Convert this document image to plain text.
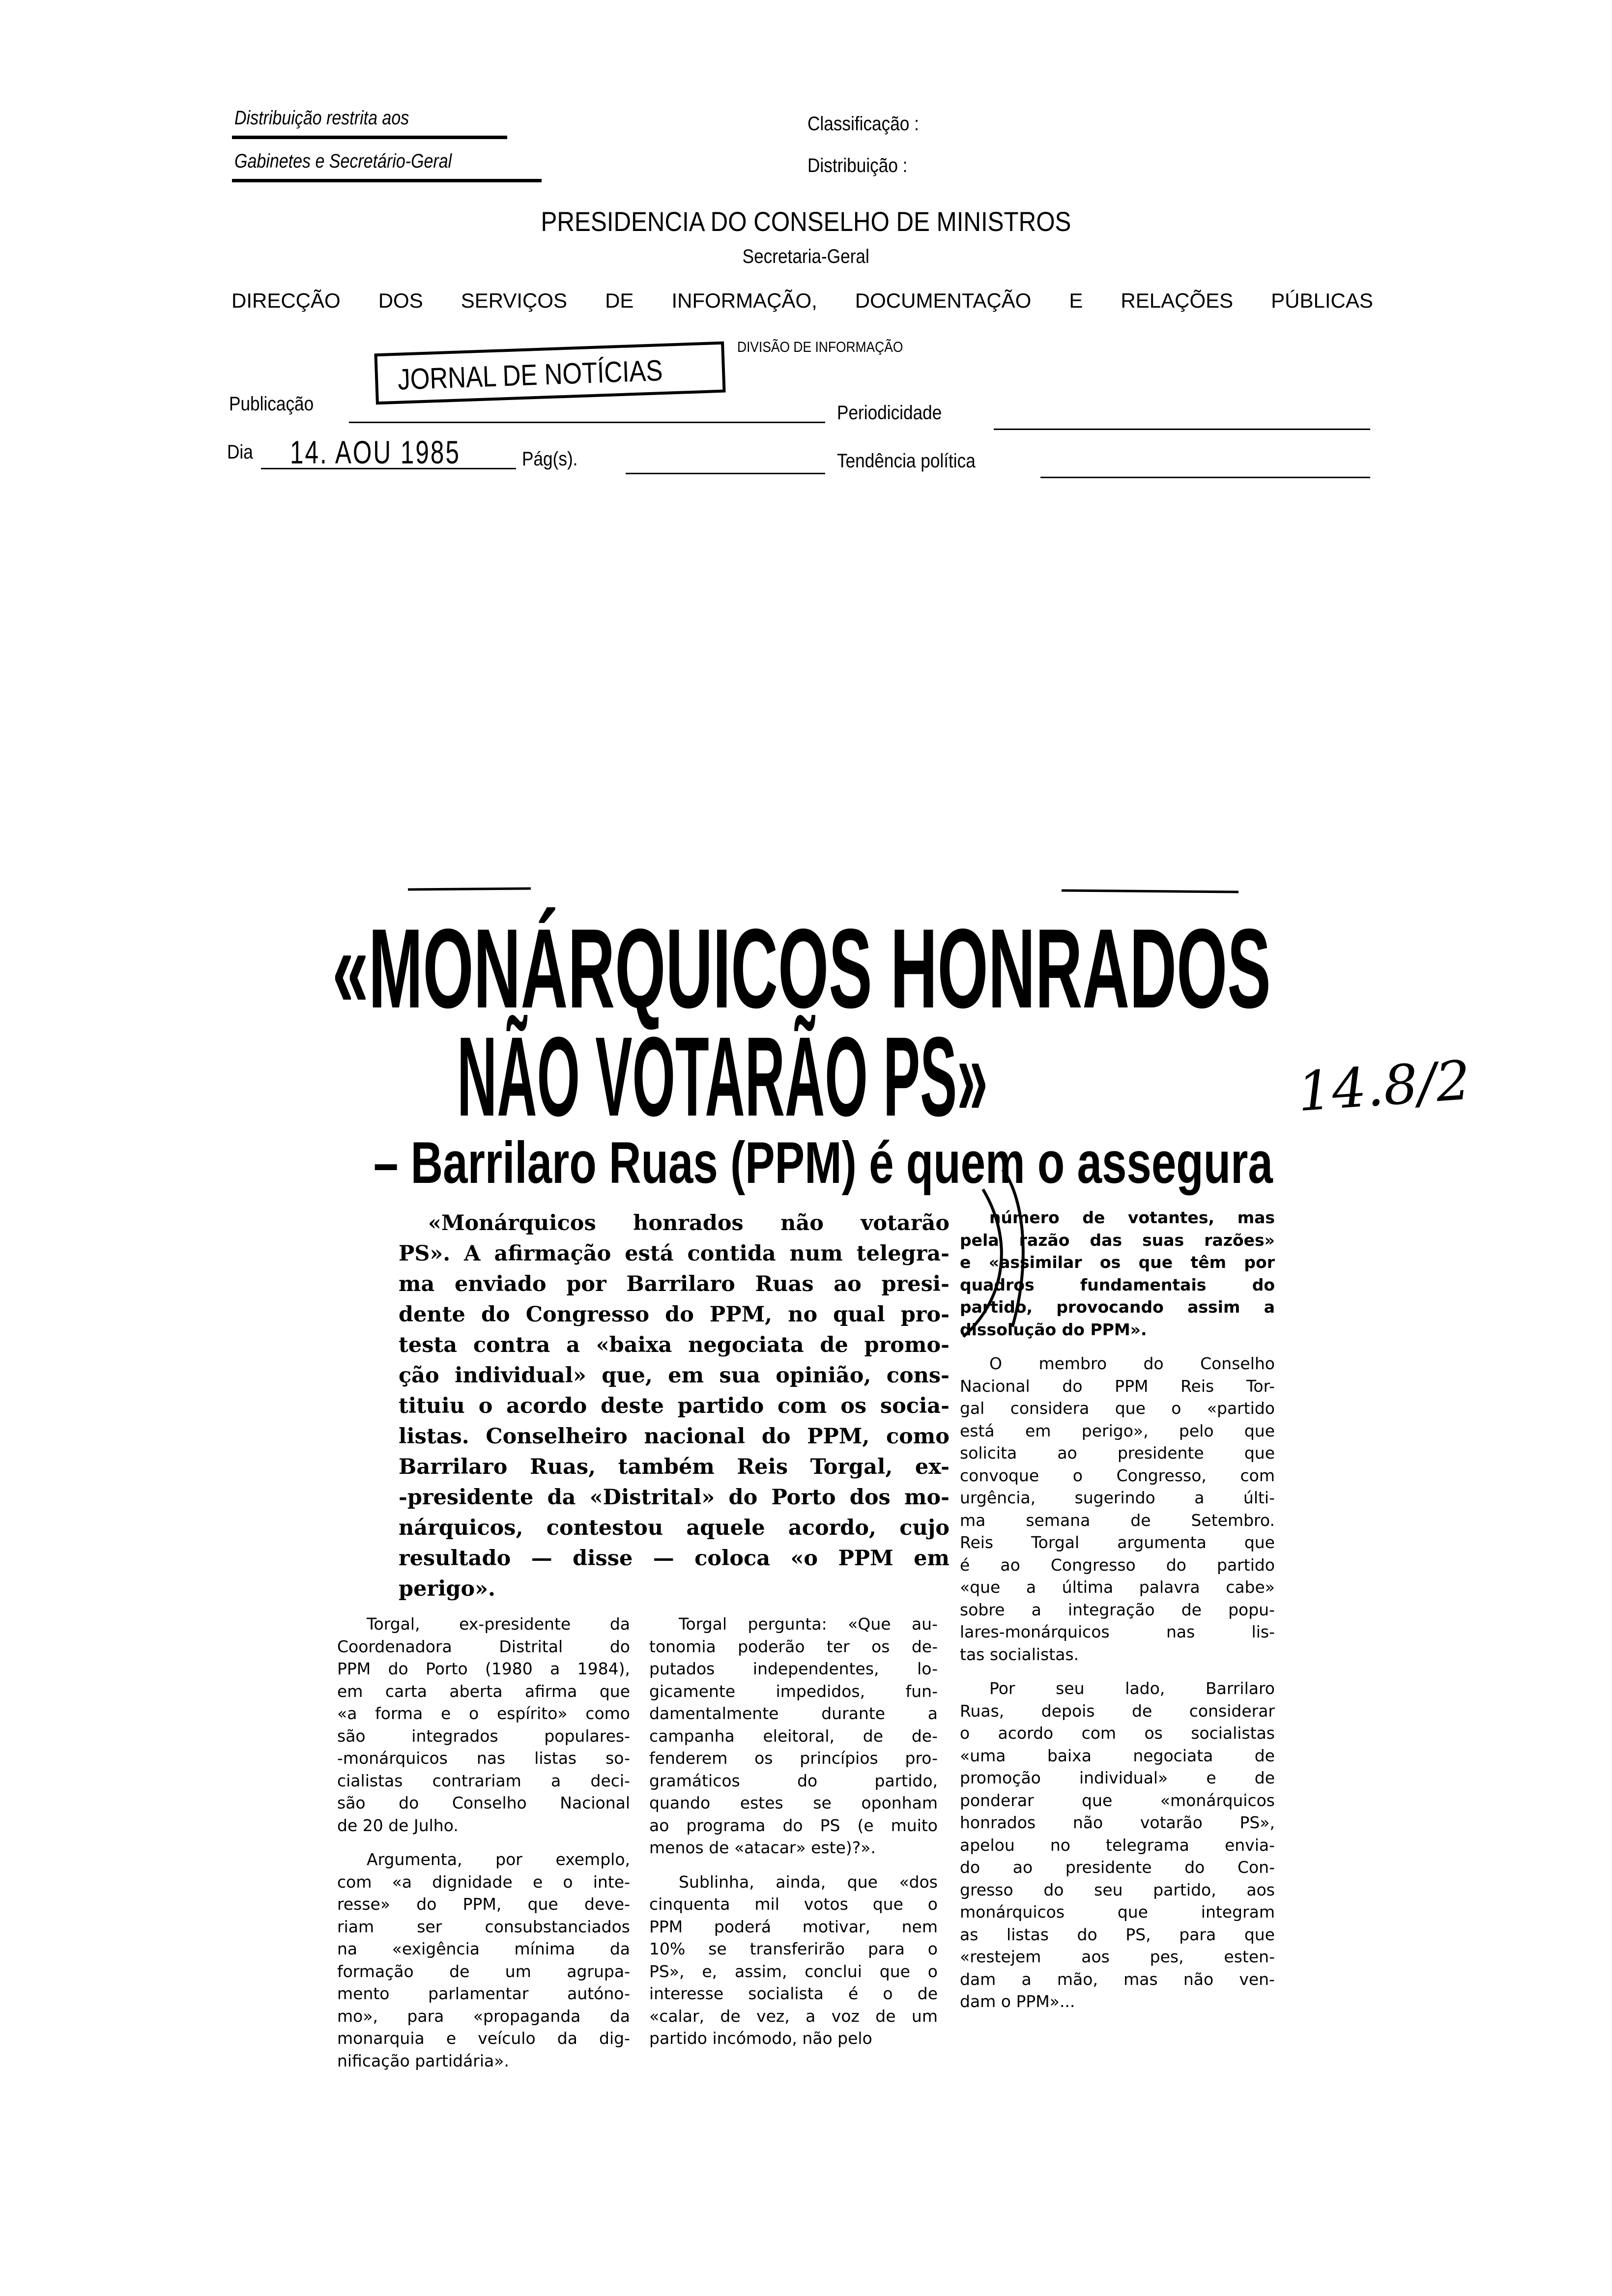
Distribuição restrita aos
Gabinetes e Secretário-Geral
Classificação :
Distribuição :
PRESIDENCIA DO CONSELHO DE MINISTROS
Secretaria-Geral
DIRECÇÃO DOS SERVIÇOS DE INFORMAÇÃO, DOCUMENTAÇÃO E RELAÇÕES PÚBLICAS
DIVISÃO DE INFORMAÇÃO
JORNAL DE NOTÍCIAS
Publicação	Periodicidade
Dia 14. AOU 1985	Pág(s).	Tendência política
«MONÁRQUICOS HONRADOS
NÃO VOTARÃO PS»
– Barrilaro Ruas (PPM) é quem o assegura
14.8/2
«Monárquicos honrados não votarão
PS». A afirmação está contida num telegra-
ma enviado por Barrilaro Ruas ao presi-
dente do Congresso do PPM, no qual pro-
testa contra a «baixa negociata de promo-
ção individual» que, em sua opinião, cons-
tituiu o acordo deste partido com os socia-
listas. Conselheiro nacional do PPM, como
Barrilaro Ruas, também Reis Torgal, ex-
-presidente da «Distrital» do Porto dos mo-
nárquicos, contestou aquele acordo, cujo
resultado — disse — coloca «o PPM em
perigo».
Torgal, ex-presidente da
Coordenadora Distrital do
PPM do Porto (1980 a 1984),
em carta aberta afirma que
«a forma e o espírito» como
são integrados populares-
-monárquicos nas listas so-
cialistas contrariam a deci-
são do Conselho Nacional
de 20 de Julho.
Argumenta, por exemplo,
com «a dignidade e o inte-
resse» do PPM, que deve-
riam ser consubstanciados
na «exigência mínima da
formação de um agrupa-
mento parlamentar autóno-
mo», para «propaganda da
monarquia e veículo da dig-
nificação partidária».
Torgal pergunta: «Que au-
tonomia poderão ter os de-
putados independentes, lo-
gicamente impedidos, fun-
damentalmente durante a
campanha eleitoral, de de-
fenderem os princípios pro-
gramáticos do partido,
quando estes se oponham
ao programa do PS (e muito
menos de «atacar» este)?».
Sublinha, ainda, que «dos
cinquenta mil votos que o
PPM poderá motivar, nem
10% se transferirão para o
PS», e, assim, conclui que o
interesse socialista é o de
«calar, de vez, a voz de um
partido incómodo, não pelo
número de votantes, mas
pela razão das suas razões»
e «assimilar os que têm por
quadros fundamentais do
partido, provocando assim a
dissolução do PPM».
O membro do Conselho
Nacional do PPM Reis Tor-
gal considera que o «partido
está em perigo», pelo que
solicita ao presidente que
convoque o Congresso, com
urgência, sugerindo a últi-
ma semana de Setembro.
Reis Torgal argumenta que
é ao Congresso do partido
«que a última palavra cabe»
sobre a integração de popu-
lares-monárquicos nas lis-
tas socialistas.
Por seu lado, Barrilaro
Ruas, depois de considerar
o acordo com os socialistas
«uma baixa negociata de
promoção individual» e de
ponderar que «monárquicos
honrados não votarão PS»,
apelou no telegrama envia-
do ao presidente do Con-
gresso do seu partido, aos
monárquicos que integram
as listas do PS, para que
«restejem aos pes, esten-
dam a mão, mas não ven-
dam o PPM»...
